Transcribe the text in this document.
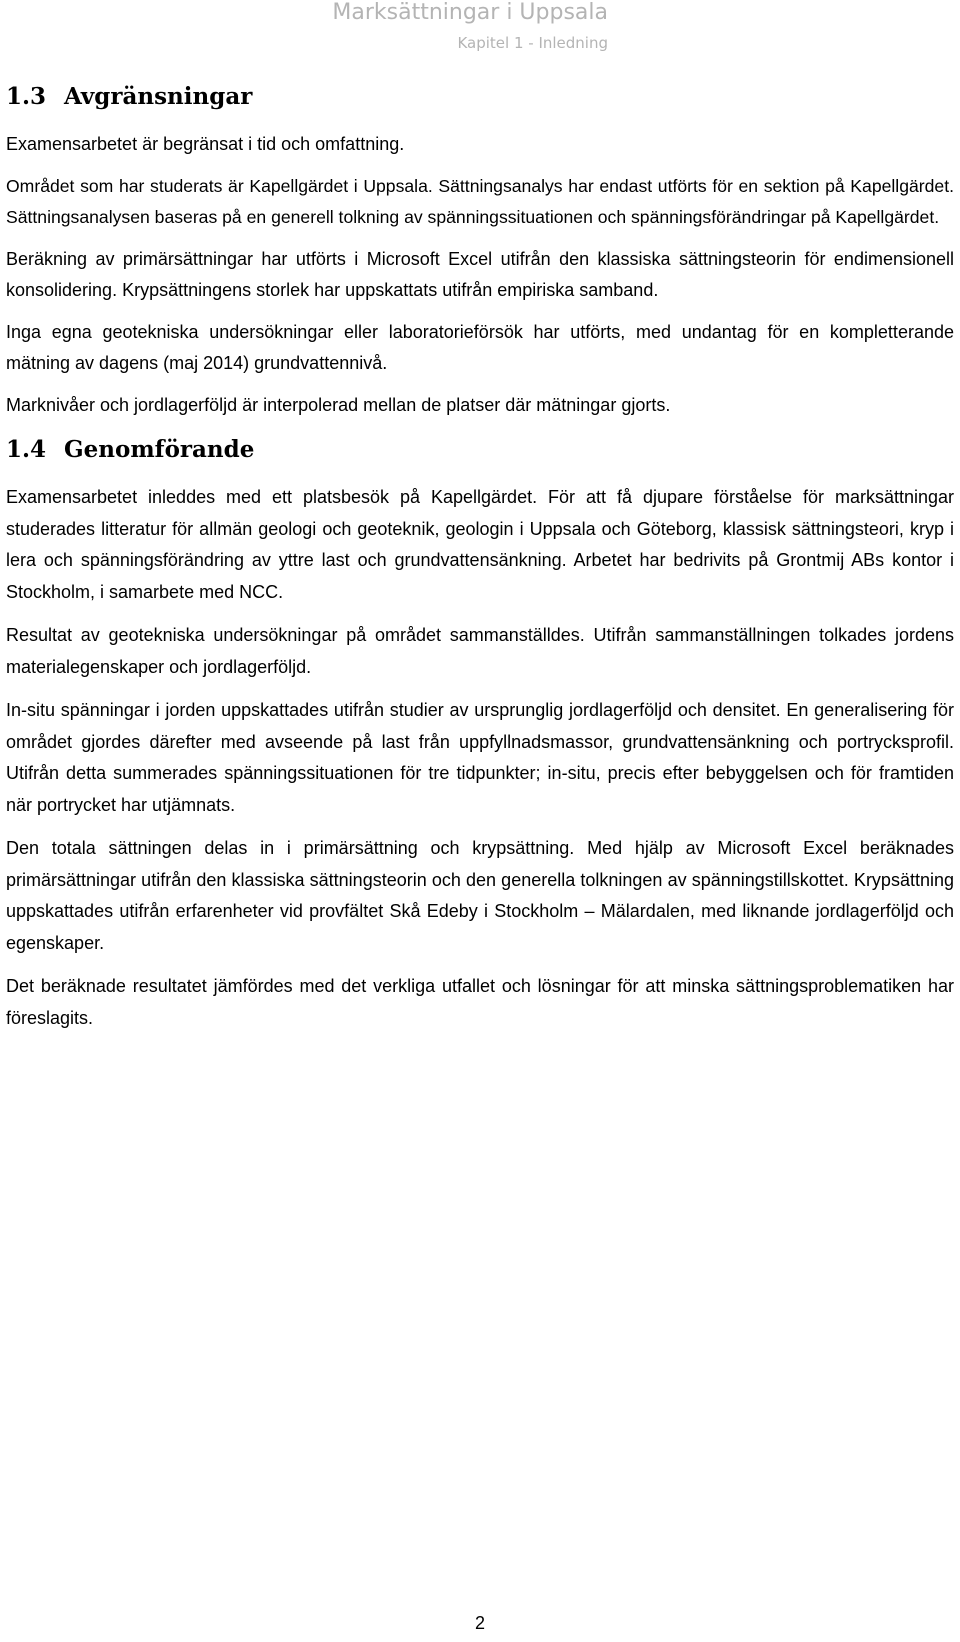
Marksättningar i Uppsala
Kapitel 1 - Inledning
1.3 Avgränsningar

Examensarbetet är begränsat i tid och omfattning.

Området som har studerats är Kapellgärdet i Uppsala. Sättningsanalys har endast utförts för en sektion på Kapellgärdet. Sättningsanalysen baseras på en generell tolkning av spänningssituationen och spänningsförändringar på Kapellgärdet.

Beräkning av primärsättningar har utförts i Microsoft Excel utifrån den klassiska sättningsteorin för endimensionell konsolidering. Krypsättningens storlek har uppskattats utifrån empiriska samband.

Inga egna geotekniska undersökningar eller laboratorieförsök har utförts, med undantag för en kompletterande mätning av dagens (maj 2014) grundvattennivå.

Marknivåer och jordlagerföljd är interpolerad mellan de platser där mätningar gjorts.

1.4 Genomförande

Examensarbetet inleddes med ett platsbesök på Kapellgärdet. För att få djupare förståelse för marksättningar studerades litteratur för allmän geologi och geoteknik, geologin i Uppsala och Göteborg, klassisk sättningsteori, kryp i lera och spänningsförändring av yttre last och grundvattensänkning. Arbetet har bedrivits på Grontmij ABs kontor i Stockholm, i samarbete med NCC.

Resultat av geotekniska undersökningar på området sammanställdes. Utifrån sammanställningen tolkades jordens materialegenskaper och jordlagerföljd.

In-situ spänningar i jorden uppskattades utifrån studier av ursprunglig jordlagerföljd och densitet. En generalisering för området gjordes därefter med avseende på last från uppfyllnadsmassor, grundvattensänkning och portrycksprofil. Utifrån detta summerades spänningssituationen för tre tidpunkter; in-situ, precis efter bebyggelsen och för framtiden när portrycket har utjämnats.

Den totala sättningen delas in i primärsättning och krypsättning. Med hjälp av Microsoft Excel beräknades primärsättningar utifrån den klassiska sättningsteorin och den generella tolkningen av spänningstillskottet. Krypsättning uppskattades utifrån erfarenheter vid provfältet Skå Edeby i Stockholm – Mälardalen, med liknande jordlagerföljd och egenskaper.

Det beräknade resultatet jämfördes med det verkliga utfallet och lösningar för att minska sättningsproblematiken har föreslagits.

2
